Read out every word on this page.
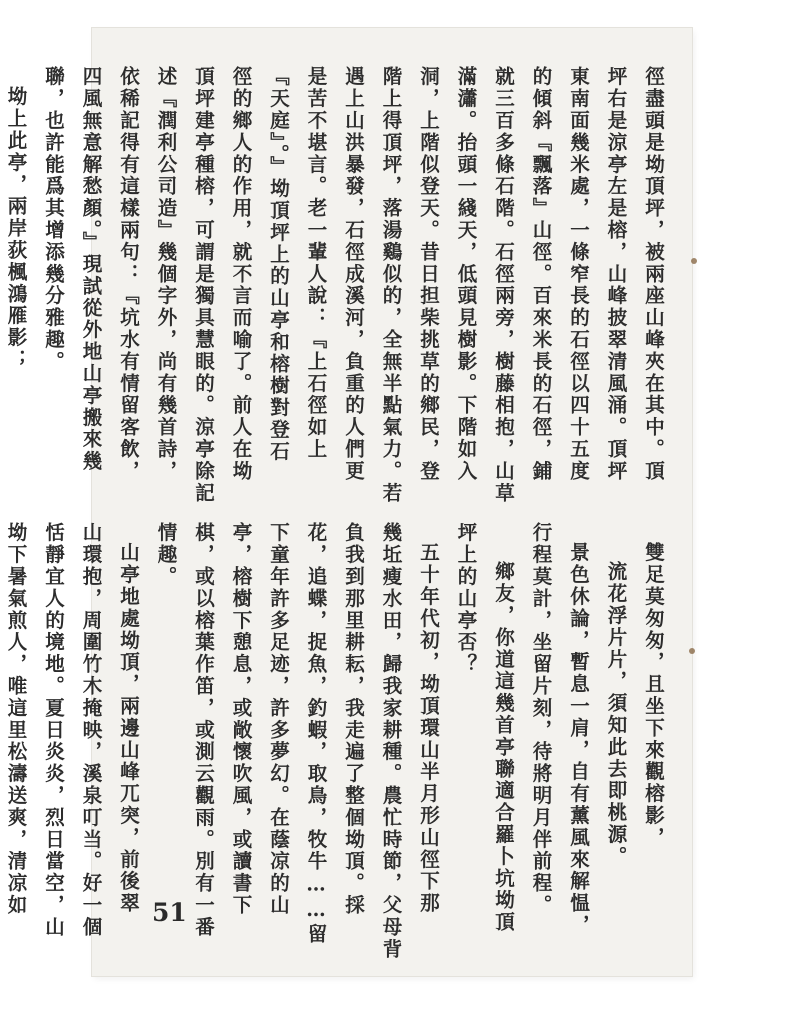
徑盡頭是坳頂坪，被兩座山峰夾在其中。頂
坪右是涼亭左是榕，山峰披翠清風涌。頂坪
東南面幾米處，一條窄長的石徑以四十五度
的傾斜『飄落』山徑。百來米長的石徑，鋪
就三百多條石階。石徑兩旁，樹藤相抱，山草
滿瀟。抬頭一綫天，低頭見樹影。下階如入
洞，上階似登天。昔日担柴挑草的鄉民，登
階上得頂坪，落湯鷄似的，全無半點氣力。若
遇上山洪暴發，石徑成溪河，負重的人們更
是苦不堪言。老一輩人說：『上石徑如上
『天庭』。』坳頂坪上的山亭和榕樹對登石
徑的鄉人的作用，就不言而喻了。前人在坳
頂坪建亭種榕，可謂是獨具慧眼的。涼亭除記
述『潤利公司造』幾個字外，尚有幾首詩，
依稀記得有這樣兩句：『坑水有情留客飲，
四風無意解愁顏。』現試從外地山亭搬來幾
聯，也許能爲其增添幾分雅趣。
坳上此亭，兩岸荻楓鴻雁影；
雙足莫匆匆，且坐下來觀榕影，
流花浮片片，須知此去即桃源。
景色休論，暫息一肩，自有薰風來解愠，
行程莫計，坐留片刻，待將明月伴前程。
鄉友，你道這幾首亭聯適合羅卜坑坳頂
坪上的山亭否？
五十年代初，坳頂環山半月形山徑下那
幾坵瘦水田，歸我家耕種。農忙時節，父母背
負我到那里耕耘，我走遍了整個坳頂。採
花，追蝶，捉魚，釣蝦，取鳥，牧牛……留
下童年許多足迹，許多夢幻。在蔭凉的山
亭，榕樹下憩息，或敞懷吹風，或讀書下
棋，或以榕葉作笛，或測云觀雨。別有一番
情趣。
山亭地處坳頂，兩邊山峰兀突，前後翠
山環抱，周圍竹木掩映，溪泉叮当。好一個
恬靜宜人的境地。夏日炎炎，烈日當空，山
坳下暑氣煎人，唯這里松濤送爽，清凉如	51
